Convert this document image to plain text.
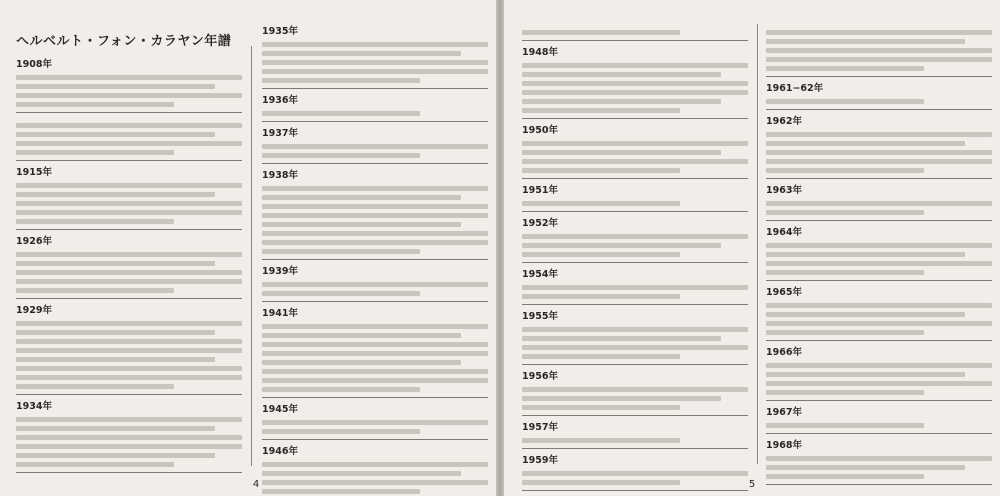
ヘルベルト・フォン・カラヤン年譜
1908年
1915年
1926年
1929年
1934年
1935年
1936年
1937年
1938年
1939年
1941年
1945年
1946年
4
1948年
1950年
1951年
1952年
1954年
1955年
1956年
1957年
1959年
1961−62年
1962年
1963年
1964年
1965年
1966年
1967年
1968年
5
